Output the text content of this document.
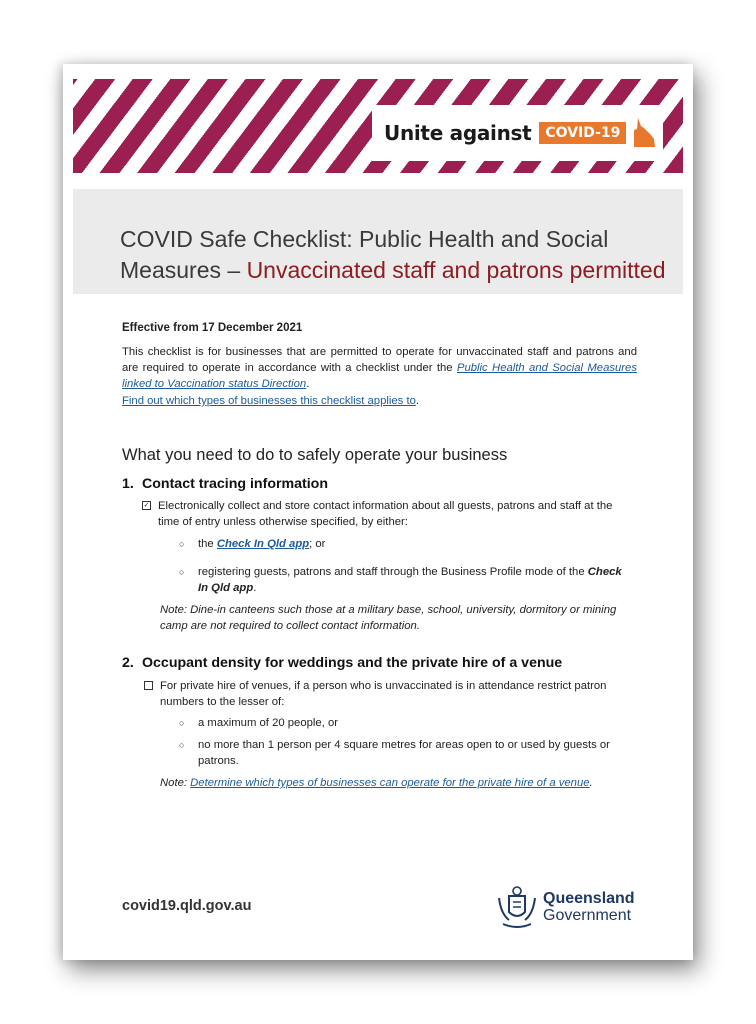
Unite against	COVID-19
COVID Safe Checklist: Public Health and Social Measures – Unvaccinated staff and patrons permitted
Effective from 17 December 2021

This checklist is for businesses that are permitted to operate for unvaccinated staff and patrons and are required to operate in accordance with a checklist under the Public Health and Social Measures linked to Vaccination status Direction.

Find out which types of businesses this checklist applies to.
What you need to do to safely operate your business
1. Contact tracing information
✓ Electronically collect and store contact information about all guests, patrons and staff at the time of entry unless otherwise specified, by either:
○ the Check In Qld app; or
○ registering guests, patrons and staff through the Business Profile mode of the Check In Qld app.
Note: Dine-in canteens such those at a military base, school, university, dormitory or mining camp are not required to collect contact information.
2. Occupant density for weddings and the private hire of a venue
For private hire of venues, if a person who is unvaccinated is in attendance restrict patron numbers to the lesser of:
○ a maximum of 20 people, or
○ no more than 1 person per 4 square metres for areas open to or used by guests or patrons.
Note: Determine which types of businesses can operate for the private hire of a venue.
covid19.qld.gov.au	Queensland
Government
